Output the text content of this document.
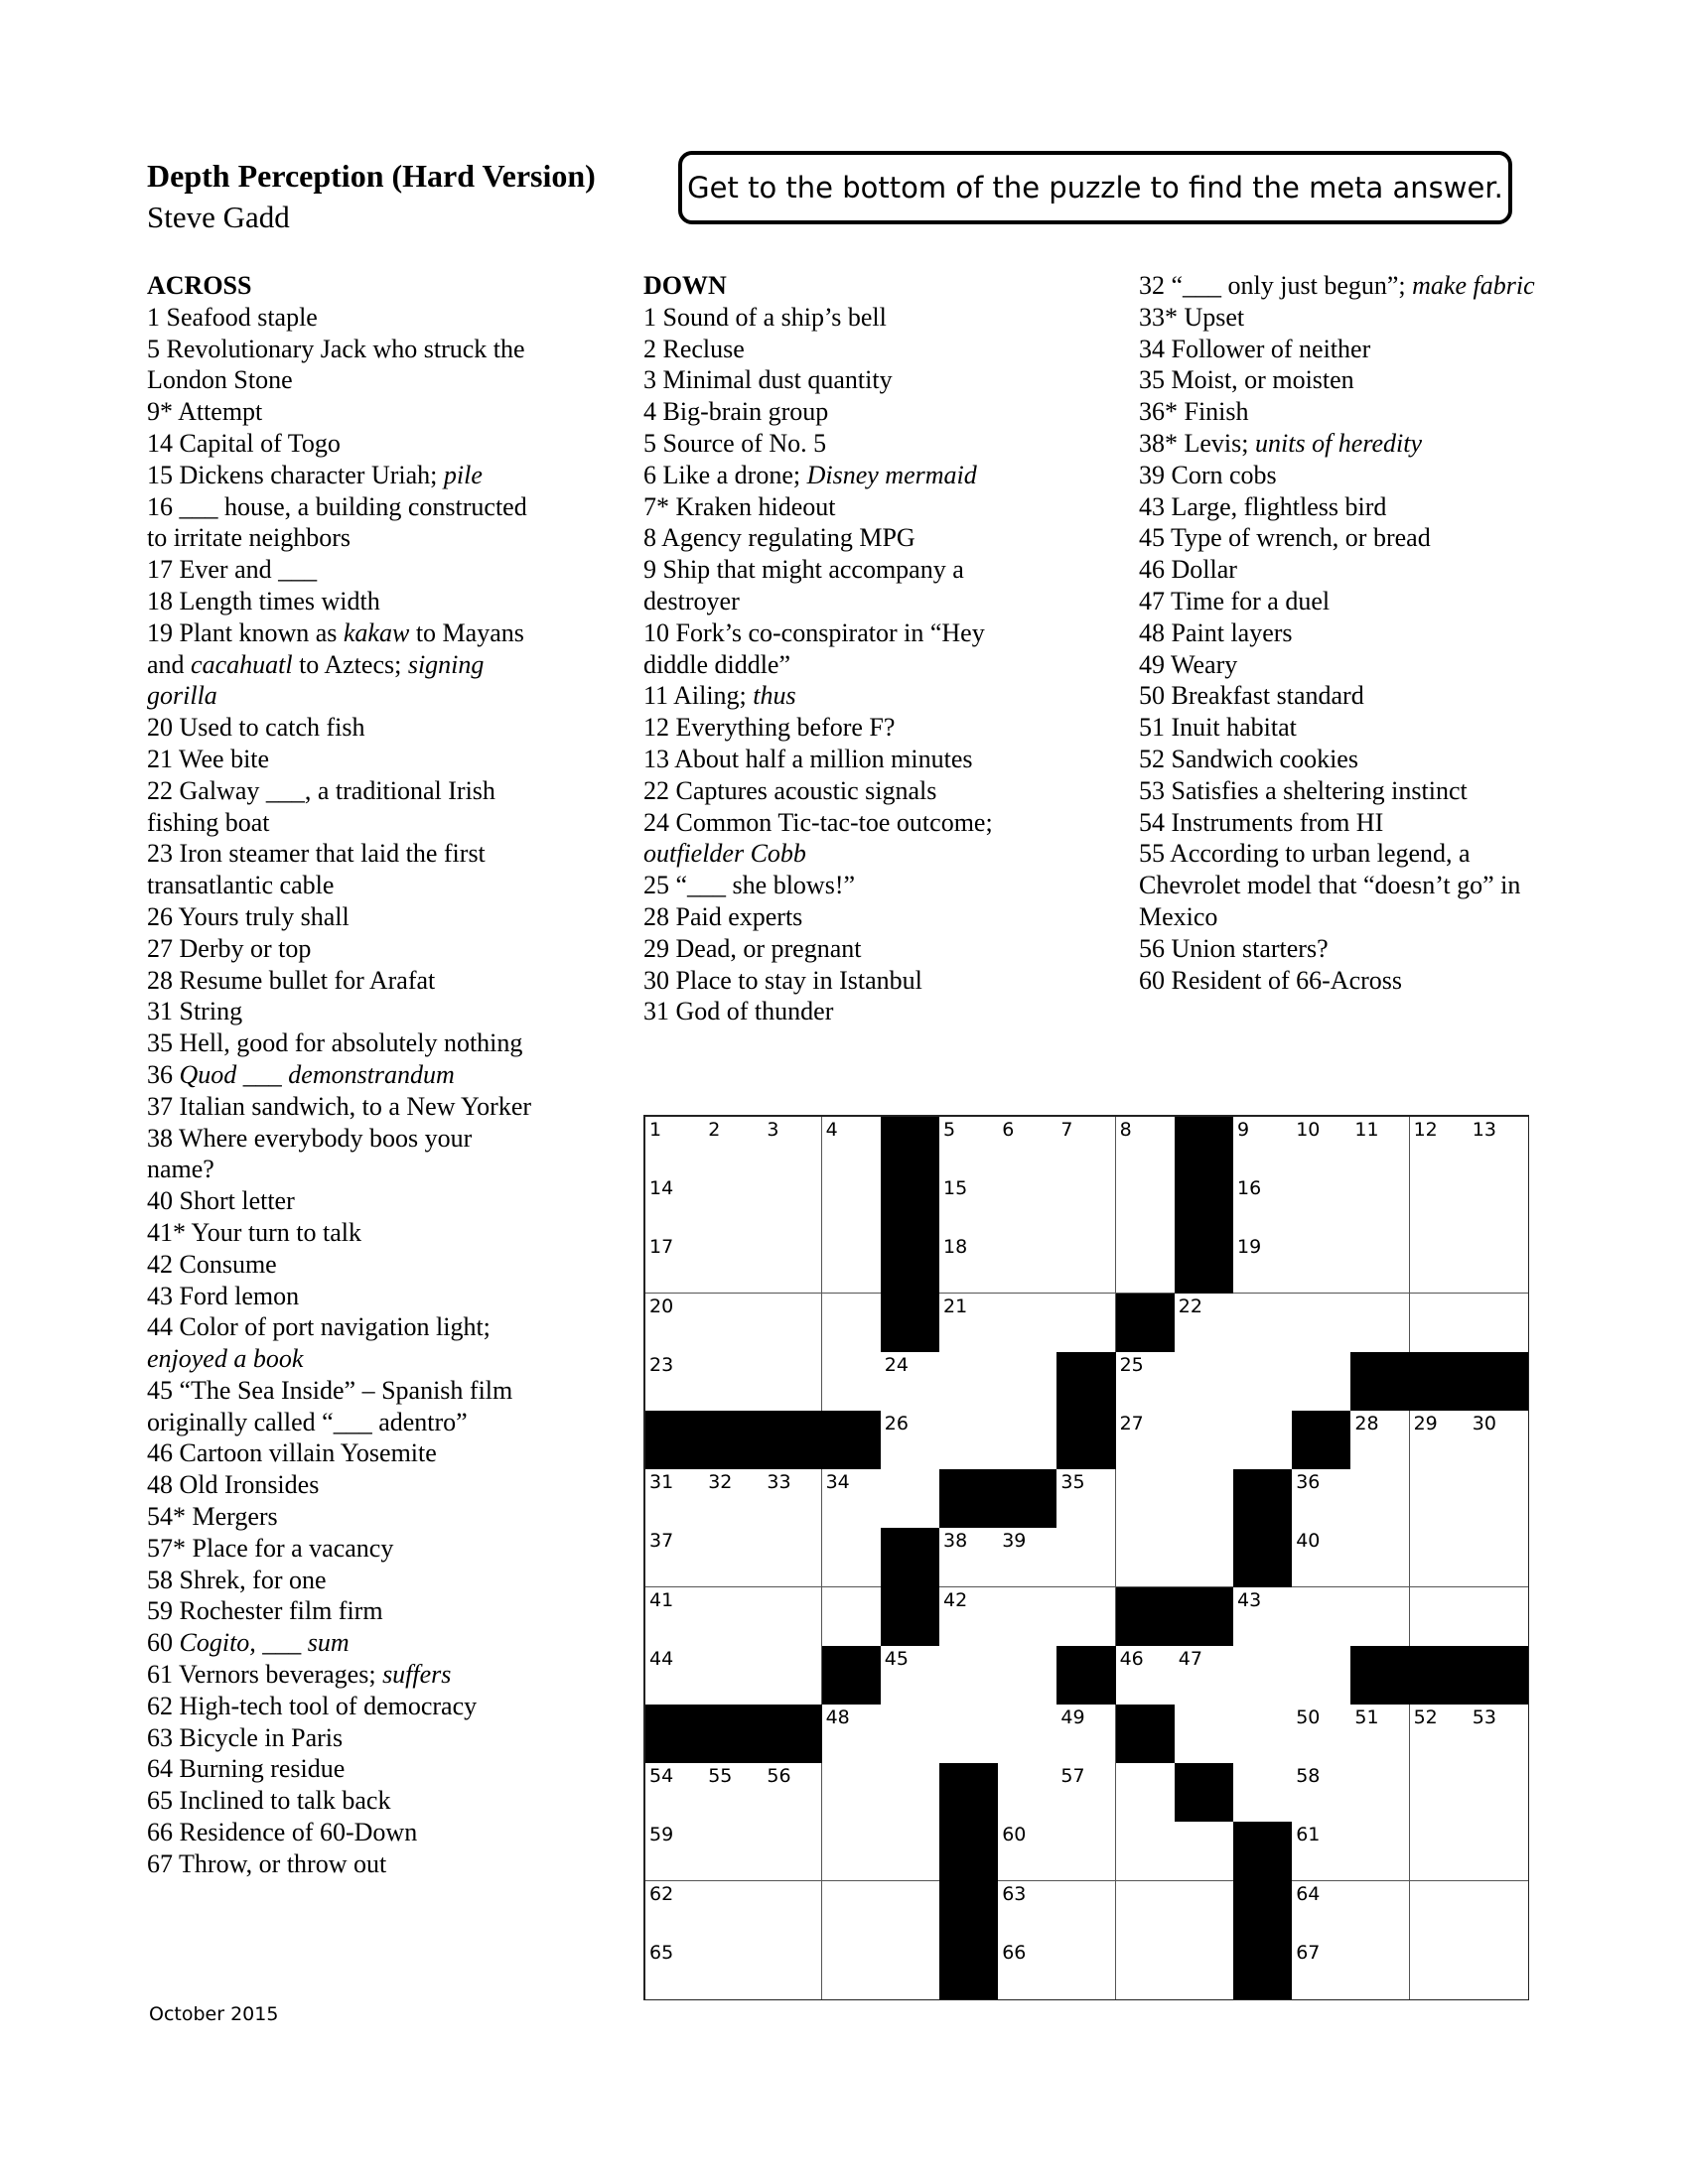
Depth Perception (Hard Version)
Steve Gadd
Get to the bottom of the puzzle to find the meta answer.
ACROSS
1 Seafood staple
5 Revolutionary Jack who struck the London Stone
9* Attempt
14 Capital of Togo
15 Dickens character Uriah; pile
16 ___ house, a building constructed to irritate neighbors
17 Ever and ___
18 Length times width
19 Plant known as kakaw to Mayans and cacahuatl to Aztecs; signing gorilla
20 Used to catch fish
21 Wee bite
22 Galway ___, a traditional Irish fishing boat
23 Iron steamer that laid the first transatlantic cable
26 Yours truly shall
27 Derby or top
28 Resume bullet for Arafat
31 String
35 Hell, good for absolutely nothing
36 Quod ___ demonstrandum
37 Italian sandwich, to a New Yorker
38 Where everybody boos your name?
40 Short letter
41* Your turn to talk
42 Consume
43 Ford lemon
44 Color of port navigation light; enjoyed a book
45 “The Sea Inside” – Spanish film originally called “___ adentro”
46 Cartoon villain Yosemite
48 Old Ironsides
54* Mergers
57* Place for a vacancy
58 Shrek, for one
59 Rochester film firm
60 Cogito, ___ sum
61 Vernors beverages; suffers
62 High-tech tool of democracy
63 Bicycle in Paris
64 Burning residue
65 Inclined to talk back
66 Residence of 60-Down
67 Throw, or throw out
DOWN
1 Sound of a ship’s bell
2 Recluse
3 Minimal dust quantity
4 Big-brain group
5 Source of No. 5
6 Like a drone; Disney mermaid
7* Kraken hideout
8 Agency regulating MPG
9 Ship that might accompany a destroyer
10 Fork’s co-conspirator in “Hey diddle diddle”
11 Ailing; thus
12 Everything before F?
13 About half a million minutes
22 Captures acoustic signals
24 Common Tic-tac-toe outcome; outfielder Cobb
25 “___ she blows!”
28 Paid experts
29 Dead, or pregnant
30 Place to stay in Istanbul
31 God of thunder
32 “___ only just begun”; make fabric
33* Upset
34 Follower of neither
35 Moist, or moisten
36* Finish
38* Levis; units of heredity
39 Corn cobs
43 Large, flightless bird
45 Type of wrench, or bread
46 Dollar
47 Time for a duel
48 Paint layers
49 Weary
50 Breakfast standard
51 Inuit habitat
52 Sandwich cookies
53 Satisfies a sheltering instinct
54 Instruments from HI
55 According to urban legend, a Chevrolet model that “doesn’t go” in Mexico
56 Union starters?
60 Resident of 66-Across
1 2 3 4	5 6 7 8	9 10 11 12 13
14	15	16
17	18	19
20	21	22
23	24	25
26	27	28 29 30
31 32 33 34	35	36
37	38 39	40
41	42	43
44	45	46 47
48	49	50 51 52 53
54 55 56	57	58
59	60	61
62	63	64
65	66	67
October 2015
